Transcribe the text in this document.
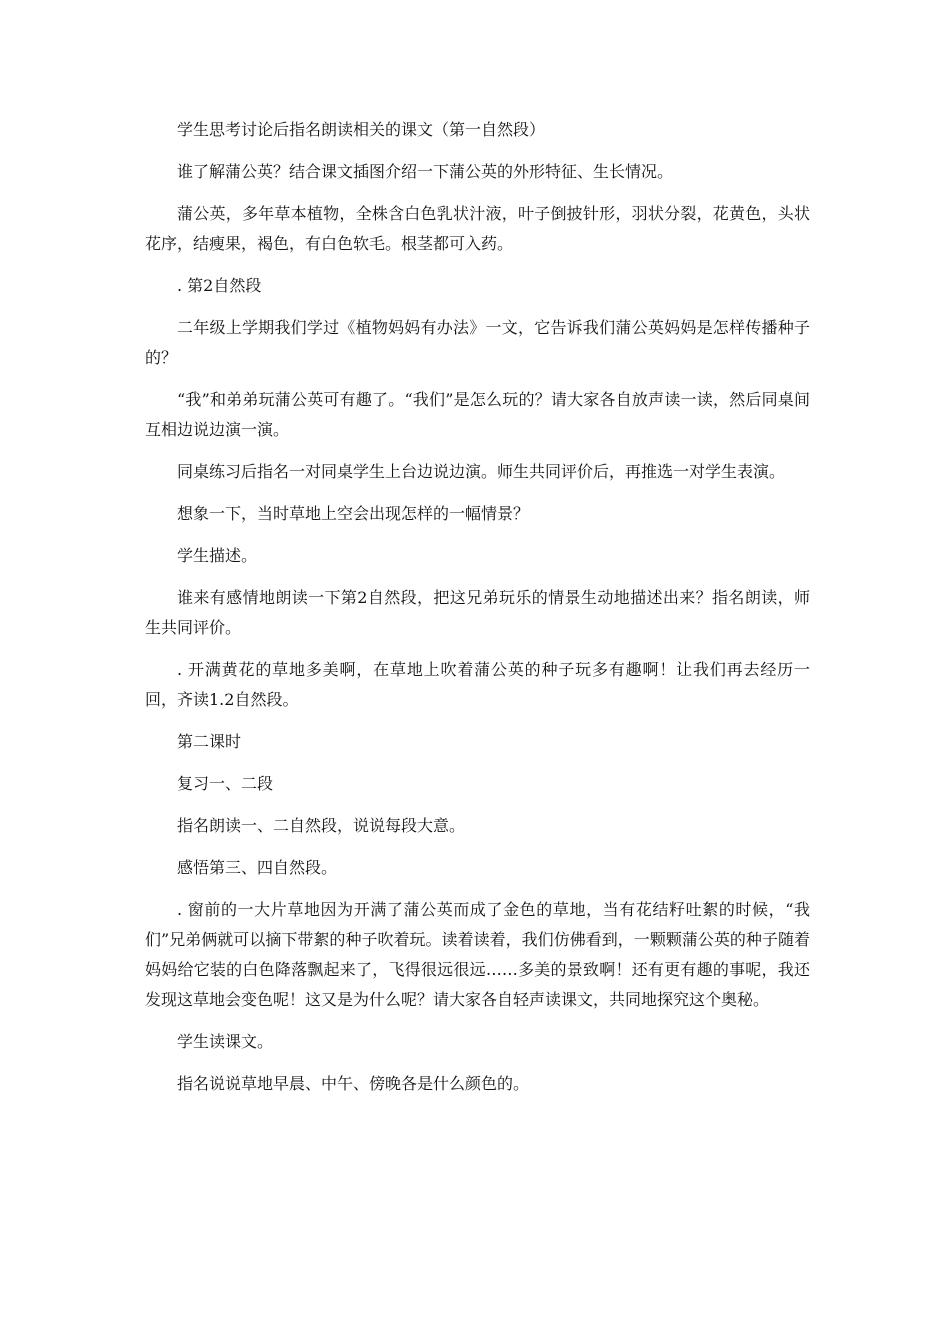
学生思考讨论后指名朗读相关的课文（第一自然段）

谁了解蒲公英？结合课文插图介绍一下蒲公英的外形特征、生长情况。

蒲公英，多年草本植物，全株含白色乳状汁液，叶子倒披针形，羽状分裂，花黄色，头状花序，结瘦果，褐色，有白色软毛。根茎都可入药。

. 第2自然段

二年级上学期我们学过《植物妈妈有办法》一文，它告诉我们蒲公英妈妈是怎样传播种子的？

“我”和弟弟玩蒲公英可有趣了。“我们”是怎么玩的？请大家各自放声读一读，然后同桌间互相边说边演一演。

同桌练习后指名一对同桌学生上台边说边演。师生共同评价后，再推选一对学生表演。

想象一下，当时草地上空会出现怎样的一幅情景？

学生描述。

谁来有感情地朗读一下第2自然段，把这兄弟玩乐的情景生动地描述出来？指名朗读，师生共同评价。

. 开满黄花的草地多美啊，在草地上吹着蒲公英的种子玩多有趣啊！让我们再去经历一回，齐读1.2自然段。

第二课时

复习一、二段

指名朗读一、二自然段，说说每段大意。

感悟第三、四自然段。

. 窗前的一大片草地因为开满了蒲公英而成了金色的草地，当有花结籽吐絮的时候，“我们”兄弟俩就可以摘下带絮的种子吹着玩。读着读着，我们仿佛看到，一颗颗蒲公英的种子随着妈妈给它装的白色降落飘起来了，飞得很远很远……多美的景致啊！还有更有趣的事呢，我还发现这草地会变色呢！这又是为什么呢？请大家各自轻声读课文，共同地探究这个奥秘。

学生读课文。

指名说说草地早晨、中午、傍晚各是什么颜色的。
